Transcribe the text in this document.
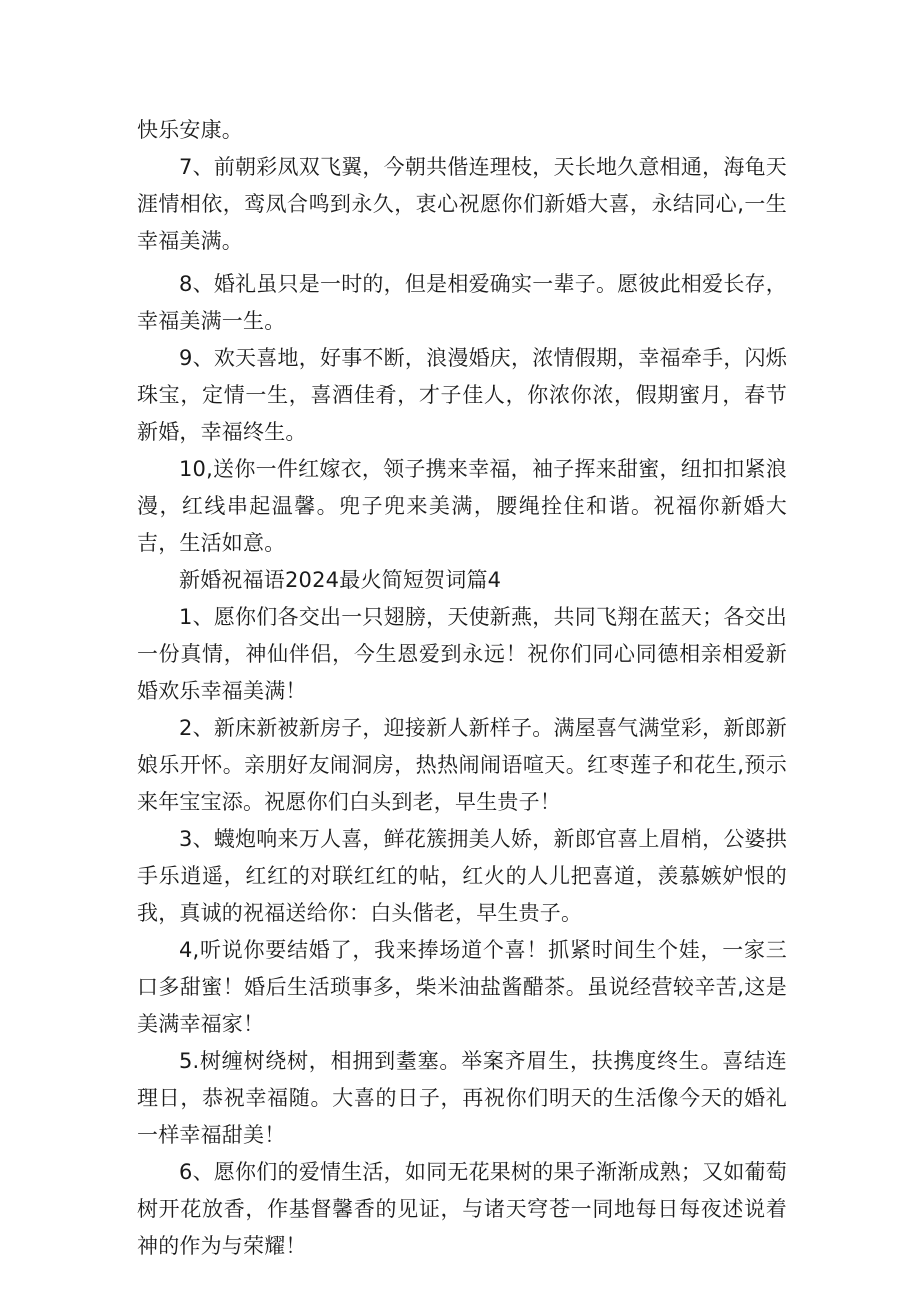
快乐安康。

7、前朝彩凤双飞翼，今朝共偕连理枝，天长地久意相通，海龟天涯情相依，鸾凤合鸣到永久，衷心祝愿你们新婚大喜，永结同心,一生幸福美满。

8、婚礼虽只是一时的，但是相爱确实一辈子。愿彼此相爱长存，幸福美满一生。

9、欢天喜地，好事不断，浪漫婚庆，浓情假期，幸福牵手，闪烁珠宝，定情一生，喜酒佳肴，才子佳人，你浓你浓，假期蜜月，春节新婚，幸福终生。

10,送你一件红嫁衣，领子携来幸福，袖子挥来甜蜜，纽扣扣紧浪漫，红线串起温馨。兜子兜来美满，腰绳拴住和谐。祝福你新婚大吉，生活如意。

新婚祝福语2024最火简短贺词篇4

1、愿你们各交出一只翅膀，天使新燕，共同飞翔在蓝天；各交出一份真情，神仙伴侣，今生恩爱到永远！祝你们同心同德相亲相爱新婚欢乐幸福美满！

2、新床新被新房子，迎接新人新样子。满屋喜气满堂彩，新郎新娘乐开怀。亲朋好友闹洞房，热热闹闹语喧天。红枣莲子和花生,预示来年宝宝添。祝愿你们白头到老，早生贵子！

3、蠛炮响来万人喜，鲜花簇拥美人娇，新郎官喜上眉梢，公婆拱手乐逍遥，红红的对联红红的帖，红火的人儿把喜道，羡慕嫉妒恨的我，真诚的祝福送给你：白头偕老，早生贵子。

4,听说你要结婚了，我来捧场道个喜！抓紧时间生个娃，一家三口多甜蜜！婚后生活琐事多，柴米油盐酱醋茶。虽说经营较辛苦,这是美满幸福家！

5.树缠树绕树，相拥到耋塞。举案齐眉生，扶携度终生。喜结连理日，恭祝幸福随。大喜的日子，再祝你们明天的生活像今天的婚礼一样幸福甜美！

6、愿你们的爱情生活，如同无花果树的果子渐渐成熟；又如葡萄树开花放香，作基督馨香的见证，与诸天穹苍一同地每日每夜述说着神的作为与荣耀！
